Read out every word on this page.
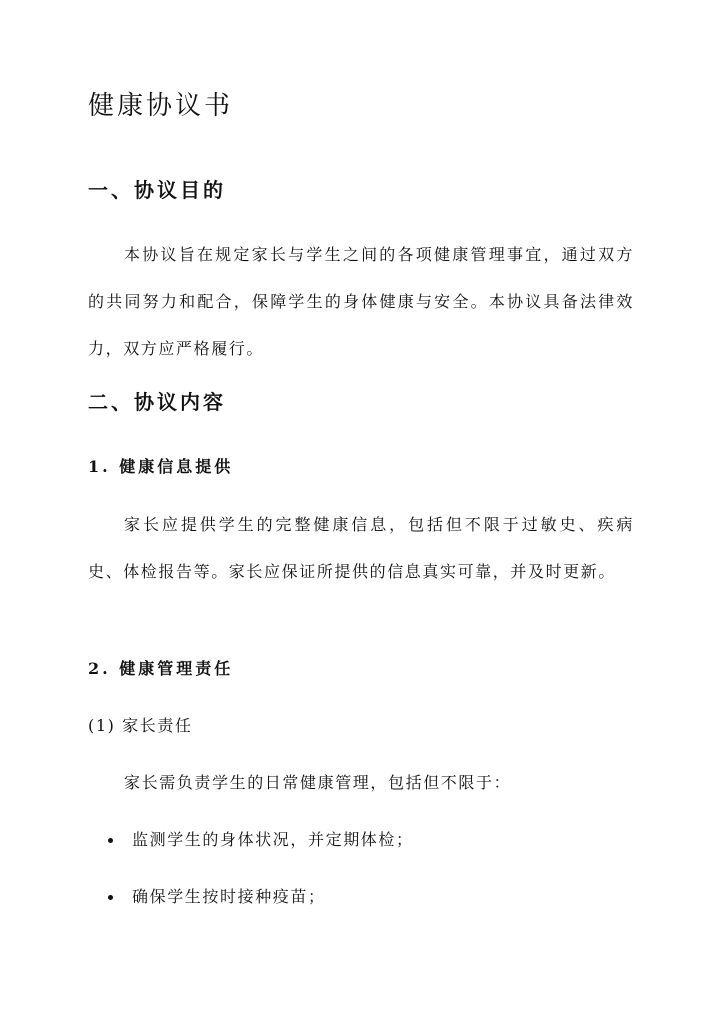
健康协议书
一、协议目的

本协议旨在规定家长与学生之间的各项健康管理事宜，通过双方的共同努力和配合，保障学生的身体健康与安全。本协议具备法律效力，双方应严格履行。

二、协议内容
1. 健康信息提供

家长应提供学生的完整健康信息，包括但不限于过敏史、疾病史、体检报告等。家长应保证所提供的信息真实可靠，并及时更新。

2. 健康管理责任

(1) 家长责任

家长需负责学生的日常健康管理，包括但不限于：

监测学生的身体状况，并定期体检；
确保学生按时接种疫苗；
